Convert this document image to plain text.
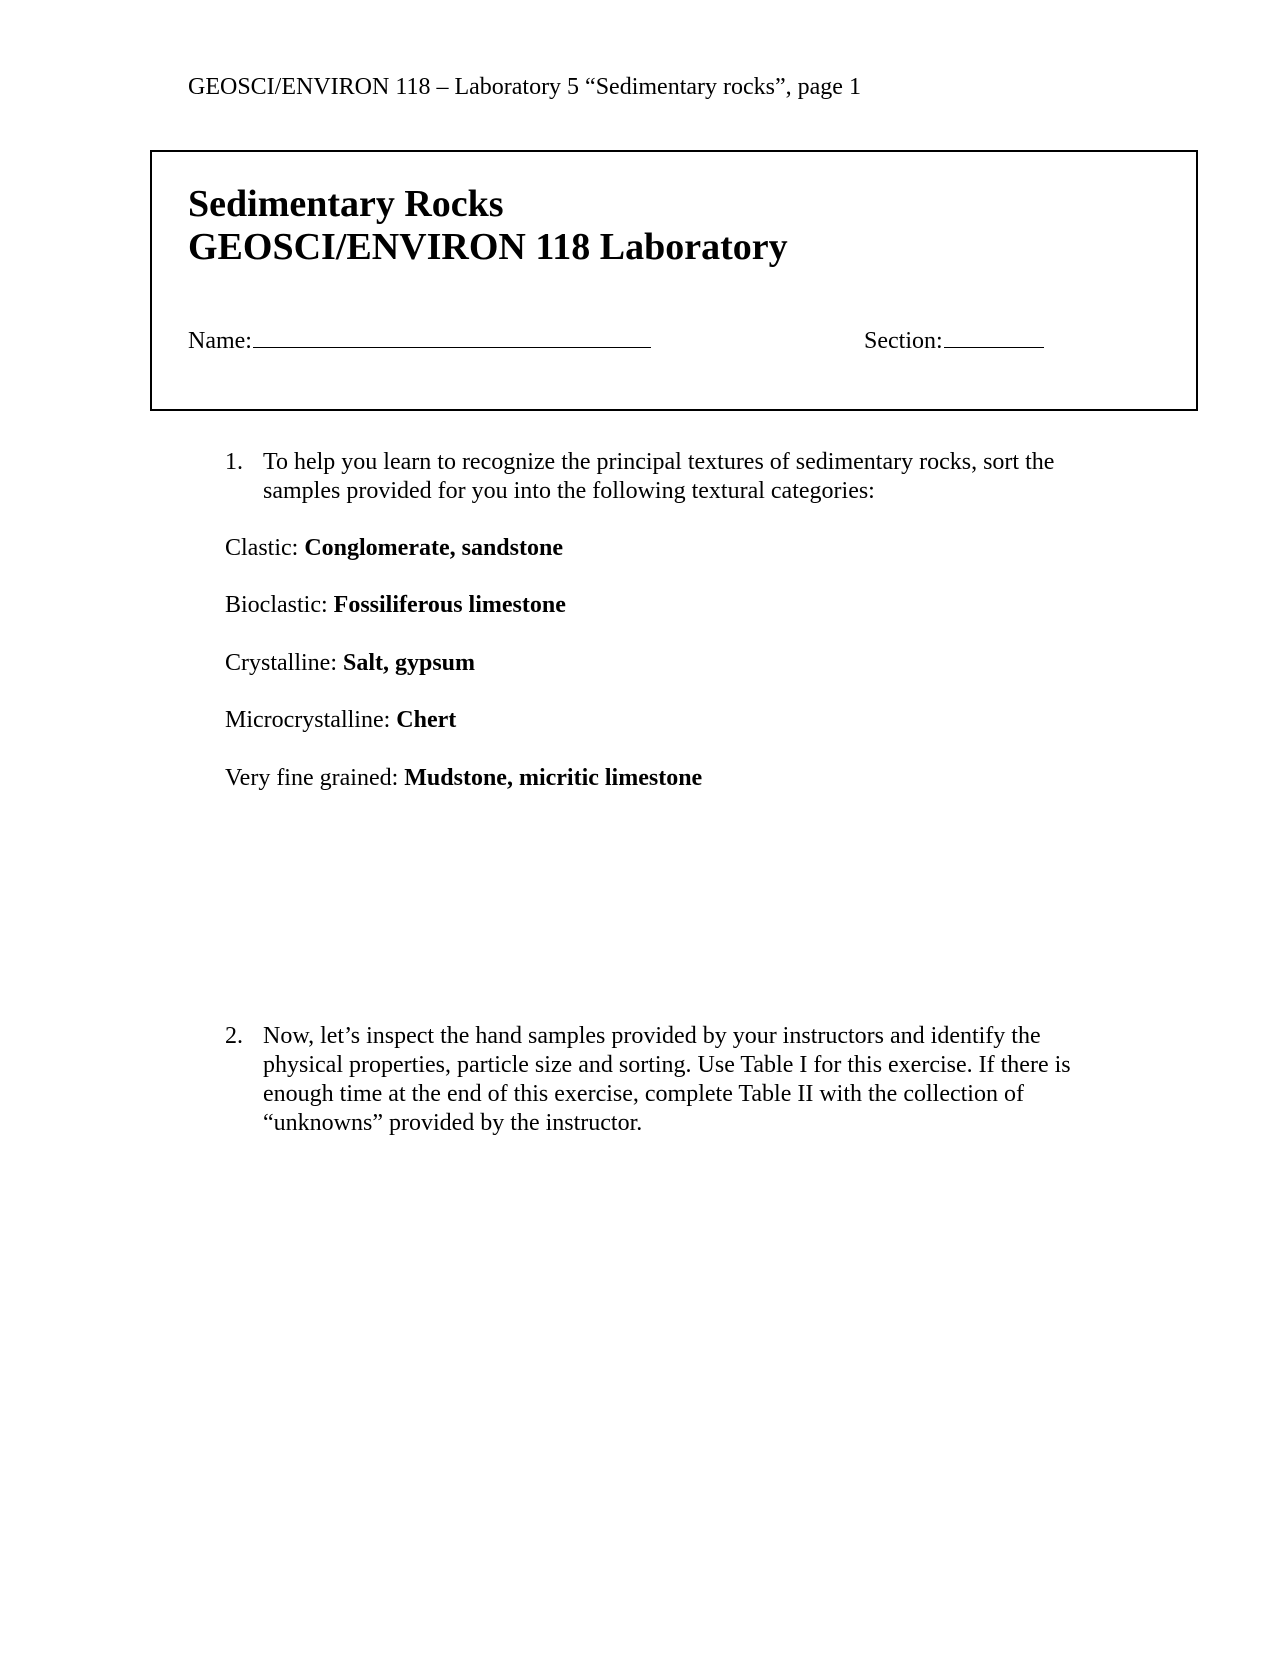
GEOSCI/ENVIRON 118 – Laboratory 5 “Sedimentary rocks”, page 1
Sedimentary Rocks
GEOSCI/ENVIRON 118 Laboratory
Name:	Section:
1. To help you learn to recognize the principal textures of sedimentary rocks, sort the samples provided for you into the following textural categories:
Clastic: Conglomerate, sandstone
Bioclastic: Fossiliferous limestone
Crystalline: Salt, gypsum
Microcrystalline: Chert
Very fine grained: Mudstone, micritic limestone
2. Now, let’s inspect the hand samples provided by your instructors and identify the physical properties, particle size and sorting. Use Table I for this exercise. If there is enough time at the end of this exercise, complete Table II with the collection of “unknowns” provided by the instructor.
